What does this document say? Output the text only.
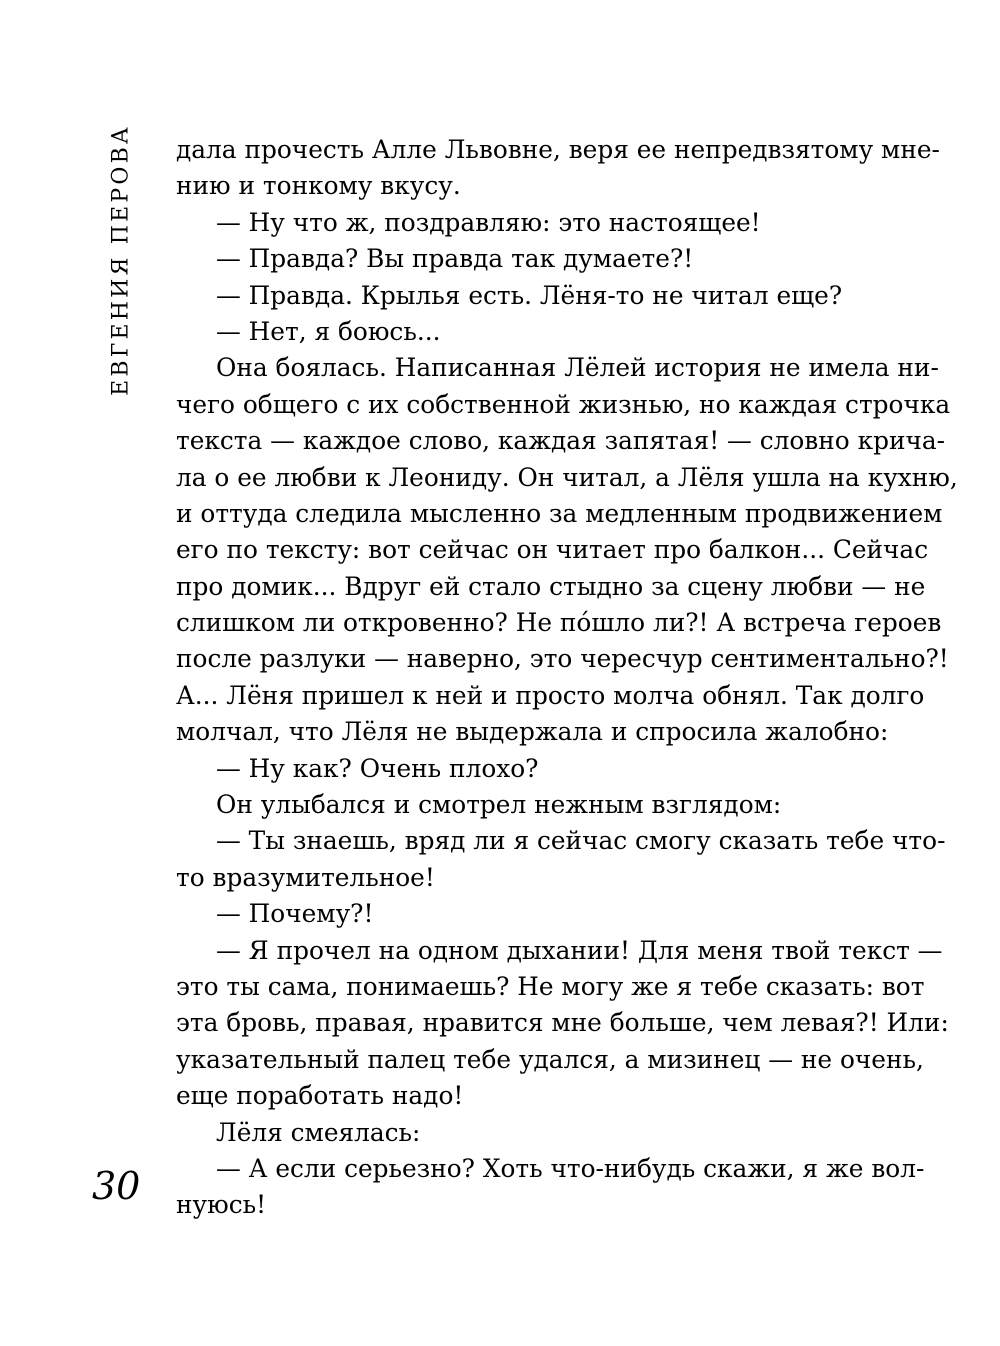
ЕВГЕНИЯ ПЕРОВА дала прочесть Алле Львовне, веря ее непредвзятому мне-
нию и тонкому вкусу.
— Ну что ж, поздравляю: это настоящее!
— Правда? Вы правда так думаете?!
— Правда. Крылья есть. Лёня-то не читал еще?
— Нет, я боюсь...
Она боялась. Написанная Лёлей история не имела ни-
чего общего с их собственной жизнью, но каждая строчка
текста — каждое слово, каждая запятая! — словно крича-
ла о ее любви к Леониду. Он читал, а Лёля ушла на кухню,
и оттуда следила мысленно за медленным продвижением
его по тексту: вот сейчас он читает про балкон... Сейчас
про домик... Вдруг ей стало стыдно за сцену любви — не
слишком ли откровенно? Не пóшло ли?! А встреча героев
после разлуки — наверно, это чересчур сентиментально?!
А... Лёня пришел к ней и просто молча обнял. Так долго
молчал, что Лёля не выдержала и спросила жалобно:
— Ну как? Очень плохо?
Он улыбался и смотрел нежным взглядом:
— Ты знаешь, вряд ли я сейчас смогу сказать тебе что-
то вразумительное!
— Почему?!
— Я прочел на одном дыхании! Для меня твой текст —
это ты сама, понимаешь? Не могу же я тебе сказать: вот
эта бровь, правая, нравится мне больше, чем левая?! Или:
указательный палец тебе удался, а мизинец — не очень,
еще поработать надо!
Лёля смеялась:
— А если серьезно? Хоть что-нибудь скажи, я же вол-
нуюсь!
30
